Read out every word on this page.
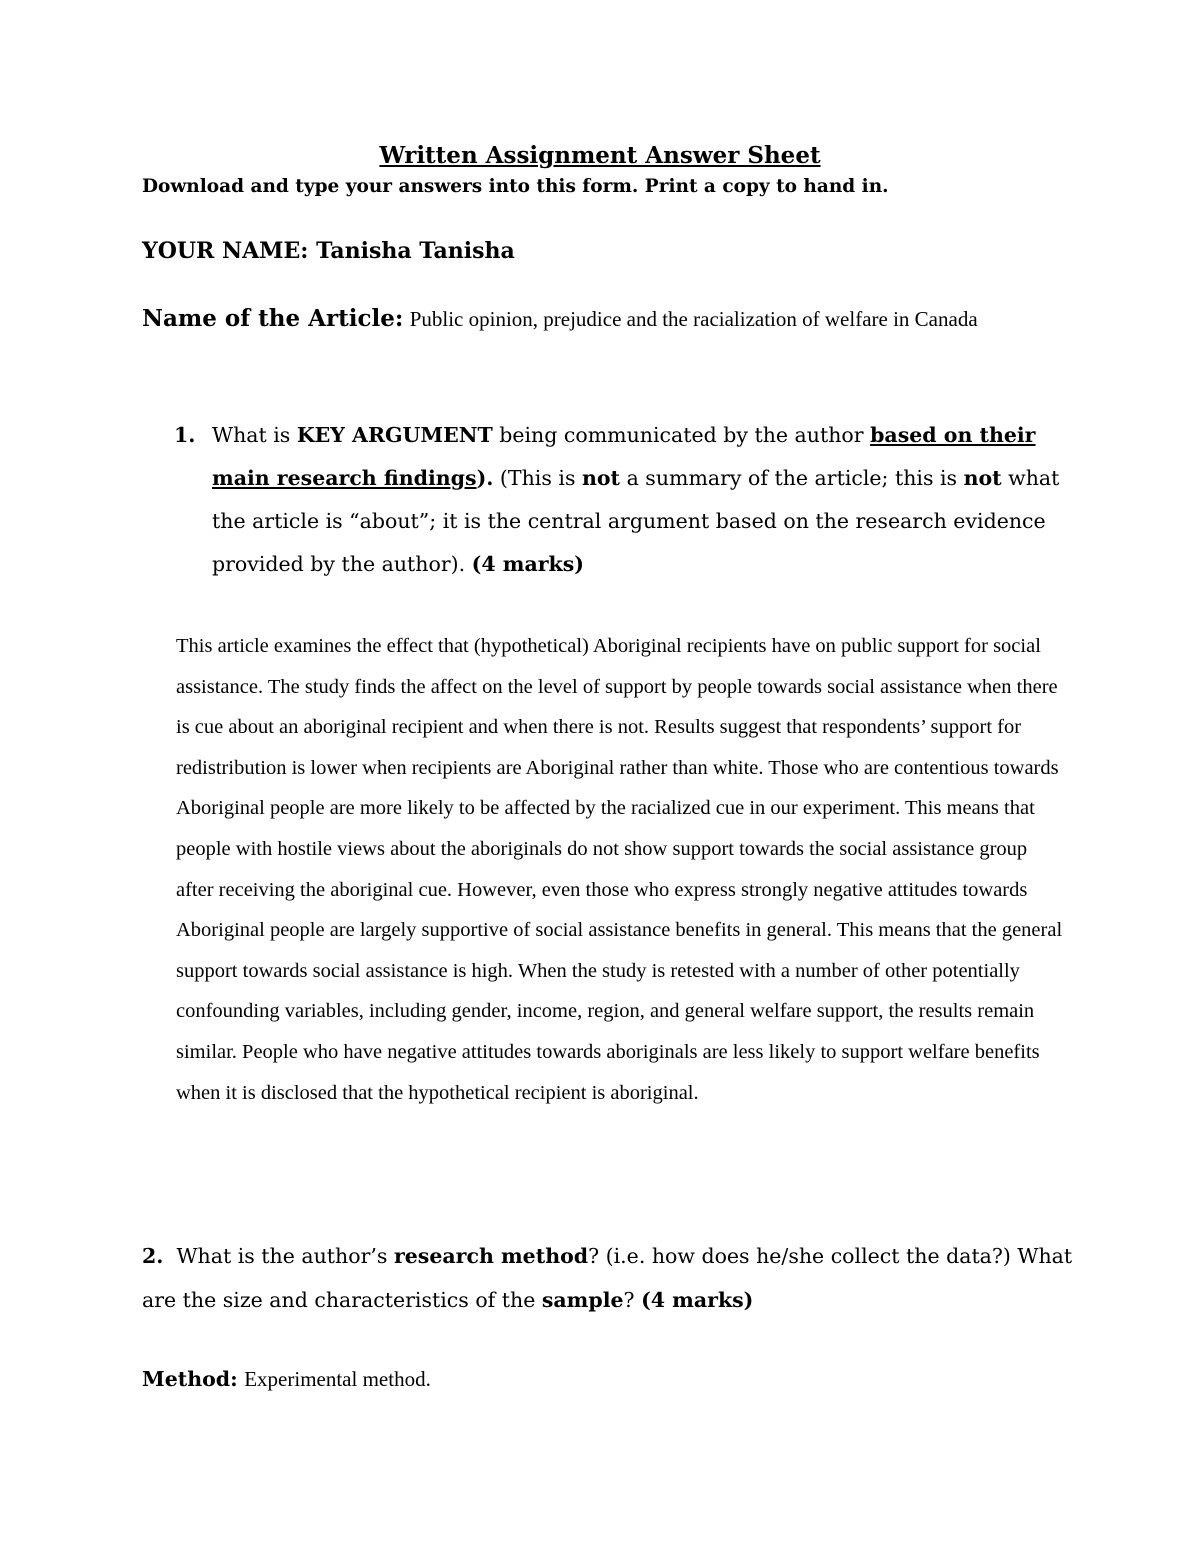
Written Assignment Answer Sheet
Download and type your answers into this form. Print a copy to hand in.
YOUR NAME: Tanisha Tanisha
Name of the Article: Public opinion, prejudice and the racialization of welfare in Canada
1. What is KEY ARGUMENT being communicated by the author based on their main research findings). (This is not a summary of the article; this is not what the article is “about”; it is the central argument based on the research evidence provided by the author). (4 marks)
This article examines the effect that (hypothetical) Aboriginal recipients have on public support for social assistance. The study finds the affect on the level of support by people towards social assistance when there is cue about an aboriginal recipient and when there is not. Results suggest that respondents’ support for redistribution is lower when recipients are Aboriginal rather than white. Those who are contentious towards Aboriginal people are more likely to be affected by the racialized cue in our experiment. This means that people with hostile views about the aboriginals do not show support towards the social assistance group after receiving the aboriginal cue. However, even those who express strongly negative attitudes towards Aboriginal people are largely supportive of social assistance benefits in general. This means that the general support towards social assistance is high. When the study is retested with a number of other potentially confounding variables, including gender, income, region, and general welfare support, the results remain similar. People who have negative attitudes towards aboriginals are less likely to support welfare benefits when it is disclosed that the hypothetical recipient is aboriginal.
2. What is the author’s research method? (i.e. how does he/she collect the data?) What are the size and characteristics of the sample? (4 marks)
Method: Experimental method.
